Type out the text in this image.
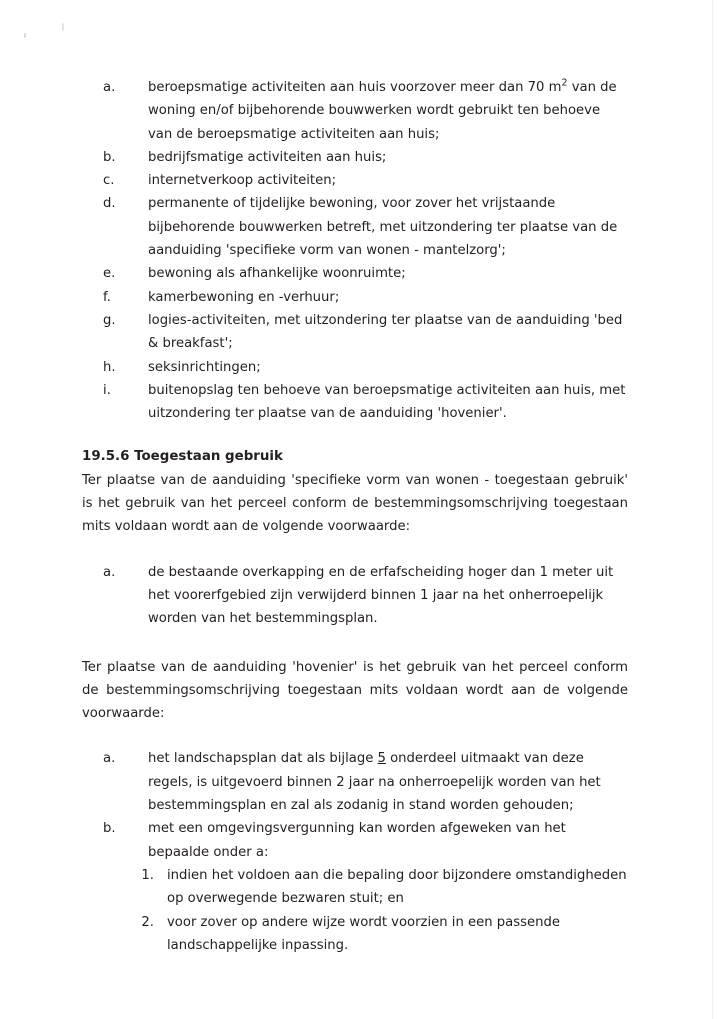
a.	beroepsmatige activiteiten aan huis voorzover meer dan 70 $m^2$ van de woning en/of bijbehorende bouwwerken wordt gebruikt ten behoeve van de beroepsmatige activiteiten aan huis;
b.	bedrijfsmatige activiteiten aan huis;
c.	internetverkoop activiteiten;
d.	permanente of tijdelijke bewoning, voor zover het vrijstaande bijbehorende bouwwerken betreft, met uitzondering ter plaatse van de aanduiding 'specifieke vorm van wonen - mantelzorg';
e.	bewoning als afhankelijke woonruimte;
f.	kamerbewoning en -verhuur;
g.	logies-activiteiten, met uitzondering ter plaatse van de aanduiding 'bed & breakfast';
h.	seksinrichtingen;
i.	buitenopslag ten behoeve van beroepsmatige activiteiten aan huis, met uitzondering ter plaatse van de aanduiding 'hovenier'.
19.5.6 Toegestaan gebruik

Ter plaatse van de aanduiding 'specifieke vorm van wonen - toegestaan gebruik' is het gebruik van het perceel conform de bestemmingsomschrijving toegestaan mits voldaan wordt aan de volgende voorwaarde:

a.	de bestaande overkapping en de erfafscheiding hoger dan 1 meter uit het voorerfgebied zijn verwijderd binnen 1 jaar na het onherroepelijk worden van het bestemmingsplan.

Ter plaatse van de aanduiding 'hovenier' is het gebruik van het perceel conform de bestemmingsomschrijving toegestaan mits voldaan wordt aan de volgende voorwaarde:

a.	het landschapsplan dat als bijlage 5 onderdeel uitmaakt van deze regels, is uitgevoerd binnen 2 jaar na onherroepelijk worden van het bestemmingsplan en zal als zodanig in stand worden gehouden;
b.	met een omgevingsvergunning kan worden afgeweken van het bepaalde onder a:
1. indien het voldoen aan die bepaling door bijzondere omstandigheden op overwegende bezwaren stuit; en
2. voor zover op andere wijze wordt voorzien in een passende landschappelijke inpassing.
